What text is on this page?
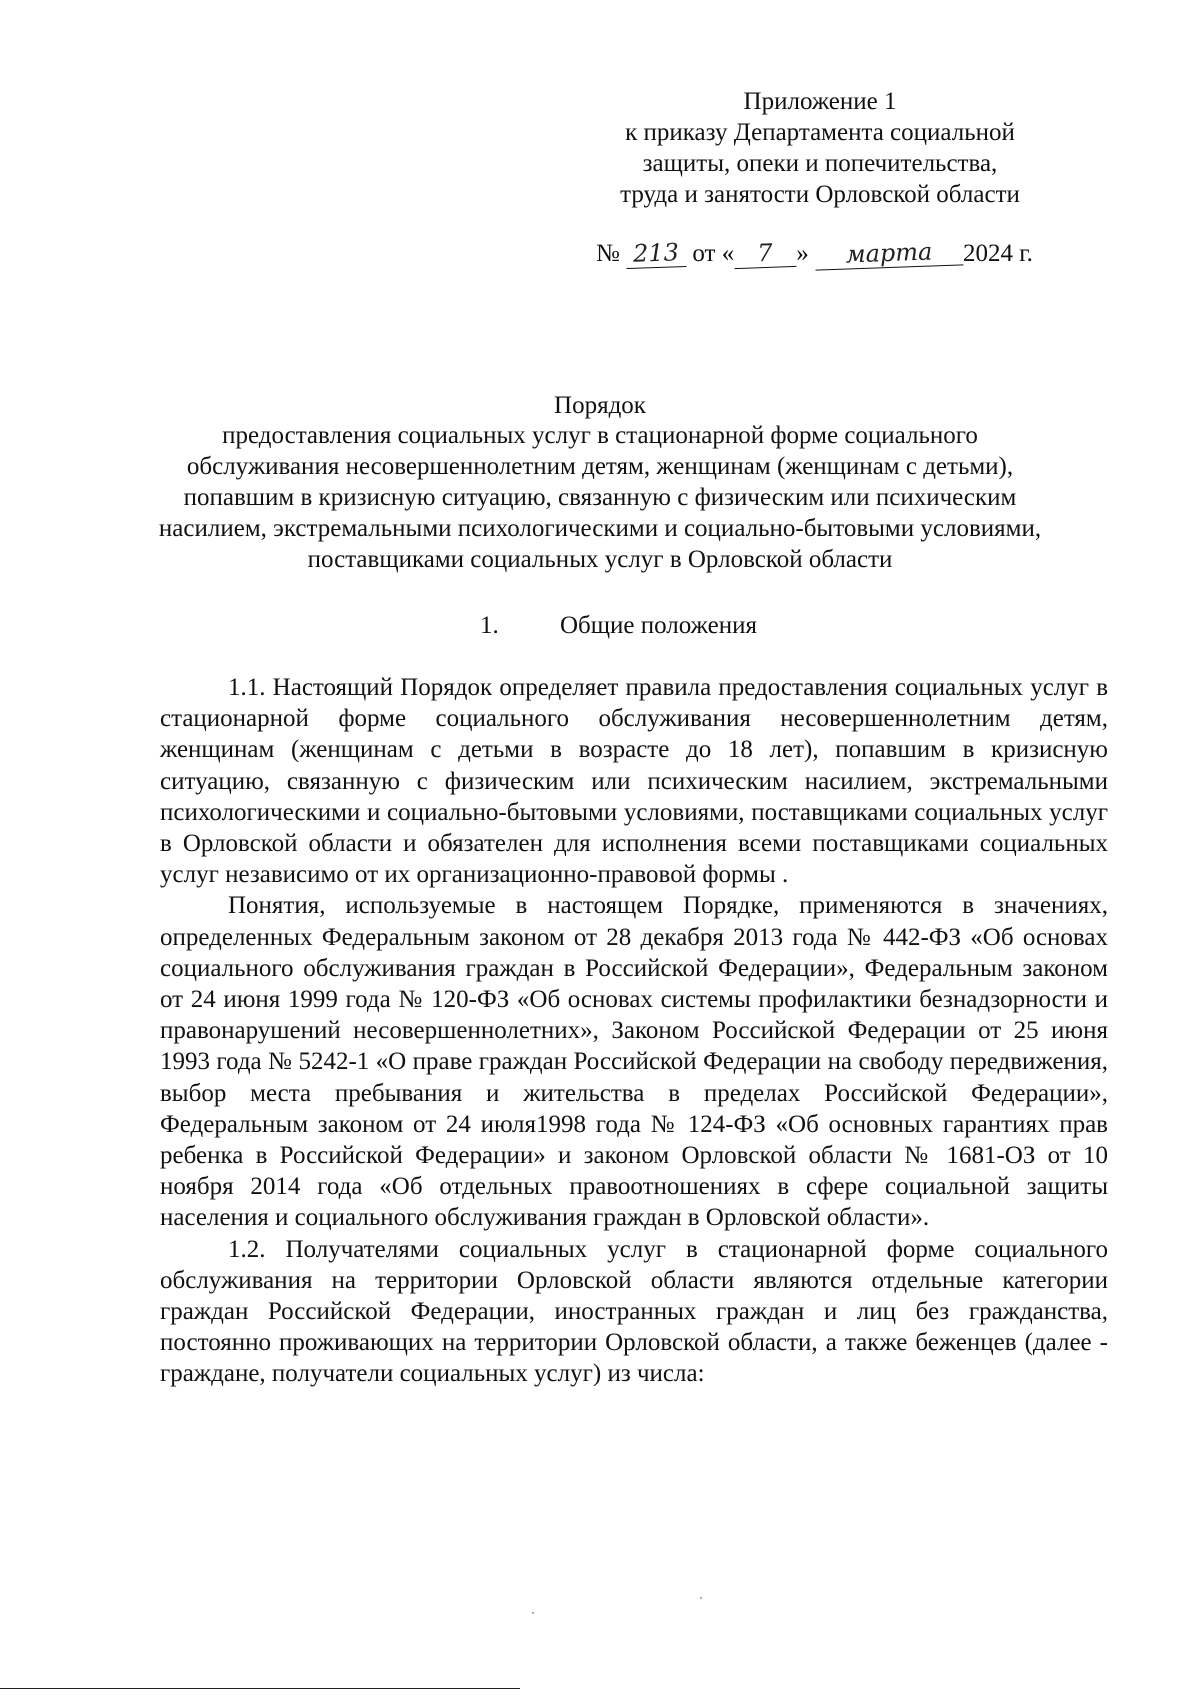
Приложение 1
к приказу Департамента социальной
защиты, опеки и попечительства,
труда и занятости Орловской области
№ 213 от « 7 » марта 2024 г.
Порядок
предоставления социальных услуг в стационарной форме социального обслуживания несовершеннолетним детям, женщинам (женщинам с детьми), попавшим в кризисную ситуацию, связанную с физическим или психическим насилием, экстремальными психологическими и социально-бытовыми условиями, поставщиками социальных услуг в Орловской области
1. Общие положения

1.1. Настоящий Порядок определяет правила предоставления социальных услуг в стационарной форме социального обслуживания несовершеннолетним детям, женщинам (женщинам с детьми в возрасте до 18 лет), попавшим в кризисную ситуацию, связанную с физическим или психическим насилием, экстремальными психологическими и социально-бытовыми условиями, поставщиками социальных услуг в Орловской области и обязателен для исполнения всеми поставщиками социальных услуг независимо от их организационно-правовой формы .

Понятия, используемые в настоящем Порядке, применяются в значениях, определенных Федеральным законом от 28 декабря 2013 года № 442-ФЗ «Об основах социального обслуживания граждан в Российской Федерации», Федеральным законом от 24 июня 1999 года № 120-ФЗ «Об основах системы профилактики безнадзорности и правонарушений несовершеннолетних», Законом Российской Федерации от 25 июня 1993 года № 5242-1 «О праве граждан Российской Федерации на свободу передвижения, выбор места пребывания и жительства в пределах Российской Федерации», Федеральным законом от 24 июля1998 года № 124-ФЗ «Об основных гарантиях прав ребенка в Российской Федерации» и законом Орловской области № 1681-ОЗ от 10 ноября 2014 года «Об отдельных правоотношениях в сфере социальной защиты населения и социального обслуживания граждан в Орловской области».

1.2. Получателями социальных услуг в стационарной форме социального обслуживания на территории Орловской области являются отдельные категории граждан Российской Федерации, иностранных граждан и лиц без гражданства, постоянно проживающих на территории Орловской области, а также беженцев (далее - граждане, получатели социальных услуг) из числа:
